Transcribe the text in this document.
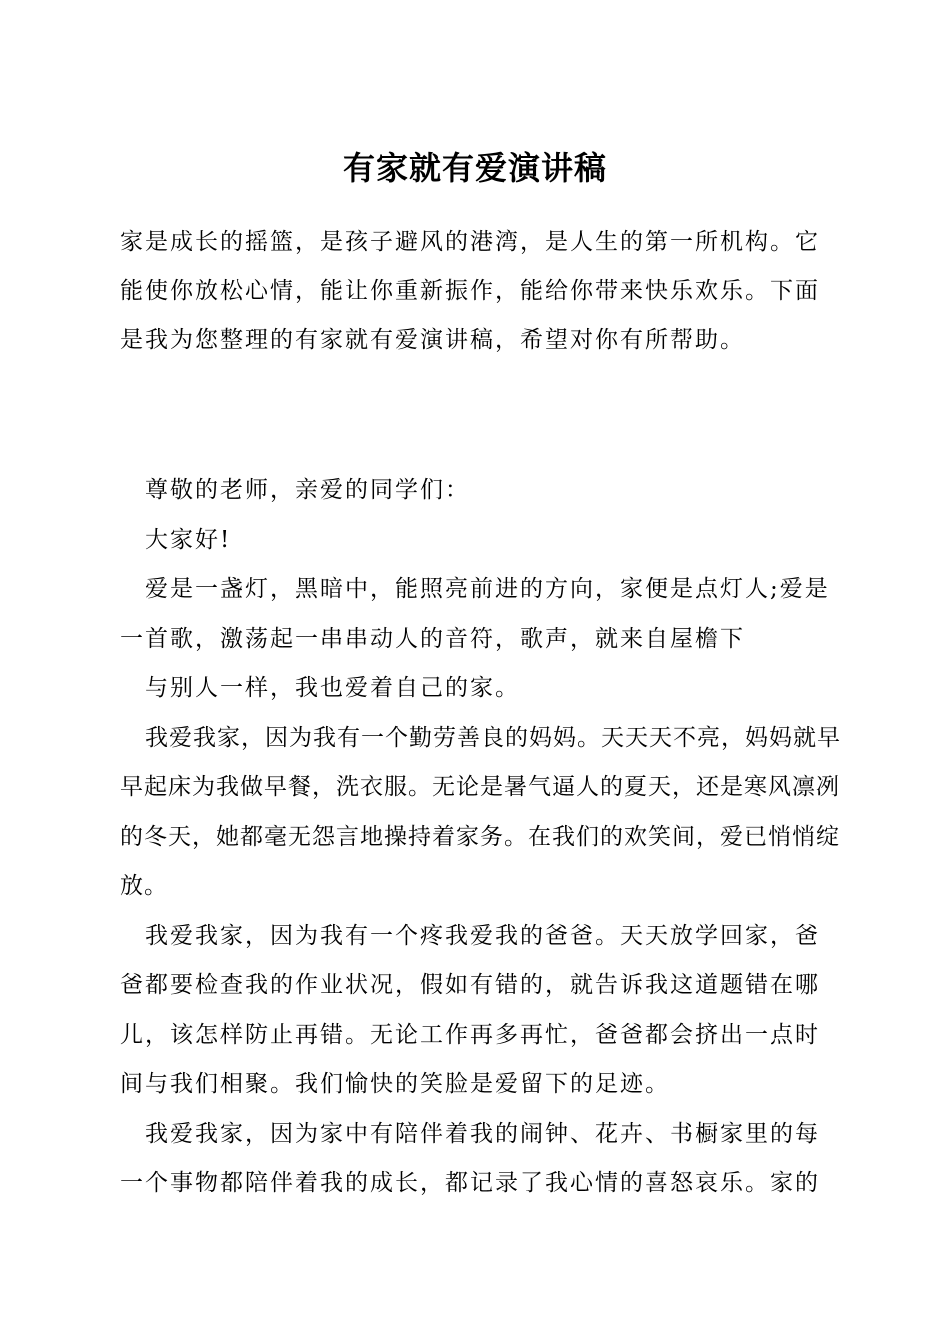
有家就有爱演讲稿

家是成长的摇篮，是孩子避风的港湾，是人生的第一所机构。它能使你放松心情，能让你重新振作，能给你带来快乐欢乐。下面是我为您整理的有家就有爱演讲稿，希望对你有所帮助。

尊敬的老师，亲爱的同学们：

大家好!

爱是一盏灯，黑暗中，能照亮前进的方向，家便是点灯人;爱是一首歌，激荡起一串串动人的音符，歌声，就来自屋檐下

与别人一样，我也爱着自己的家。

我爱我家，因为我有一个勤劳善良的妈妈。天天天不亮，妈妈就早早起床为我做早餐，洗衣服。无论是暑气逼人的夏天，还是寒风凛冽的冬天，她都毫无怨言地操持着家务。在我们的欢笑间，爱已悄悄绽放。

我爱我家，因为我有一个疼我爱我的爸爸。天天放学回家，爸爸都要检查我的作业状况，假如有错的，就告诉我这道题错在哪儿，该怎样防止再错。无论工作再多再忙，爸爸都会挤出一点时间与我们相聚。我们愉快的笑脸是爱留下的足迹。

我爱我家，因为家中有陪伴着我的闹钟、花卉、书橱家里的每一个事物都陪伴着我的成长，都记录了我心情的喜怒哀乐。家的
